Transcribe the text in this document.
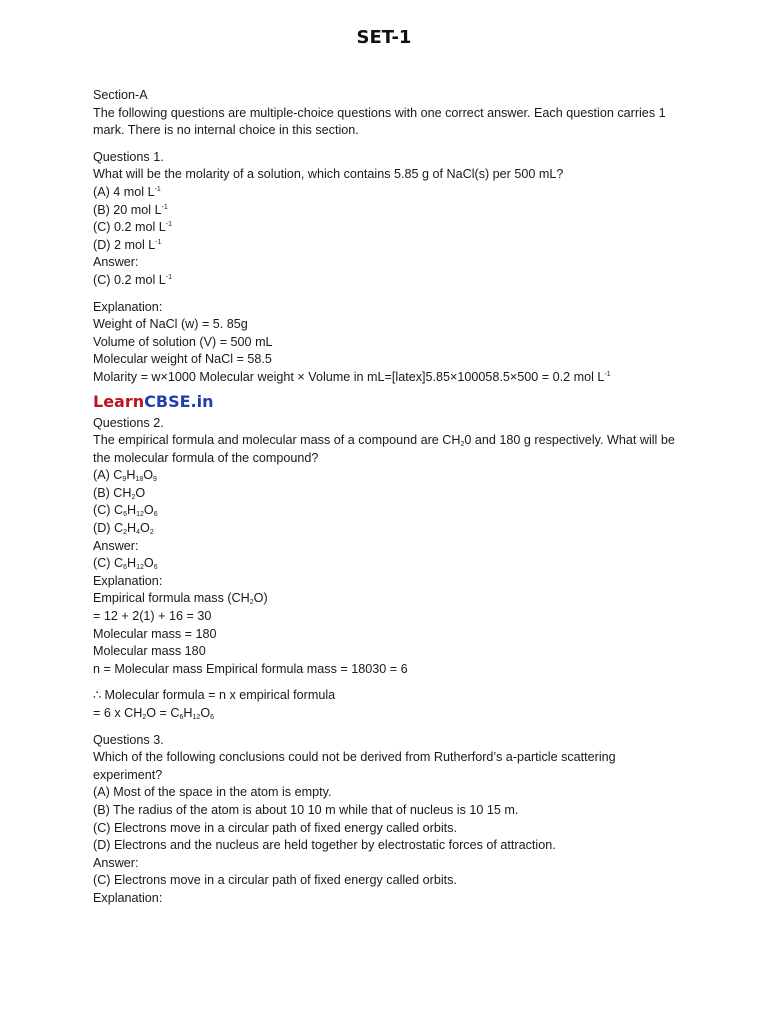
SET-1

Section-A

The following questions are multiple-choice questions with one correct answer. Each question carries 1 mark. There is no internal choice in this section.

Questions 1.

What will be the molarity of a solution, which contains 5.85 g of NaCl(s) per 500 mL?

(A) 4 mol $L^{-1}$

(B) 20 mol $L^{-1}$

(C) 0.2 mol $L^{-1}$

(D) 2 mol $L^{-1}$

Answer:

(C) 0.2 mol $L^{-1}$

Explanation:

Weight of NaCl (w) = 5. 85g

Volume of solution (V) = 500 mL

Molecular weight of NaCl = 58.5

Molarity = w×1000 Molecular weight × Volume in mL=[latex]5.85×100058.5×500 = 0.2 mol $L^{-1}$

Learn CBSE .in

Questions 2.

The empirical formula and molecular mass of a compound are $CH_20$ and 180 g respectively. What will be the molecular formula of the compound?

(A) $C_9H_{18}O_9$

(B) $CH_2O$

(C) $C_6H_{12}O_6$

(D) $C_2H_4O_2$

Answer:

(C) $C_6H_{12}O_6$

Explanation:

Empirical formula mass $(CH_2O)$

= 12 + 2(1) + 16 = 30

Molecular mass = 180

Molecular mass 180

n = Molecular mass Empirical formula mass = 18030 = 6

∴ Molecular formula = n x empirical formula

= 6 x $CH_2O = C_6H_{12}O_6$

Questions 3.

Which of the following conclusions could not be derived from Rutherford’s a-particle scattering experiment?

(A) Most of the space in the atom is empty.

(B) The radius of the atom is about 10 10 m while that of nucleus is 10 15 m.

(C) Electrons move in a circular path of fixed energy called orbits.

(D) Electrons and the nucleus are held together by electrostatic forces of attraction.

Answer:

(C) Electrons move in a circular path of fixed energy called orbits.

Explanation:
